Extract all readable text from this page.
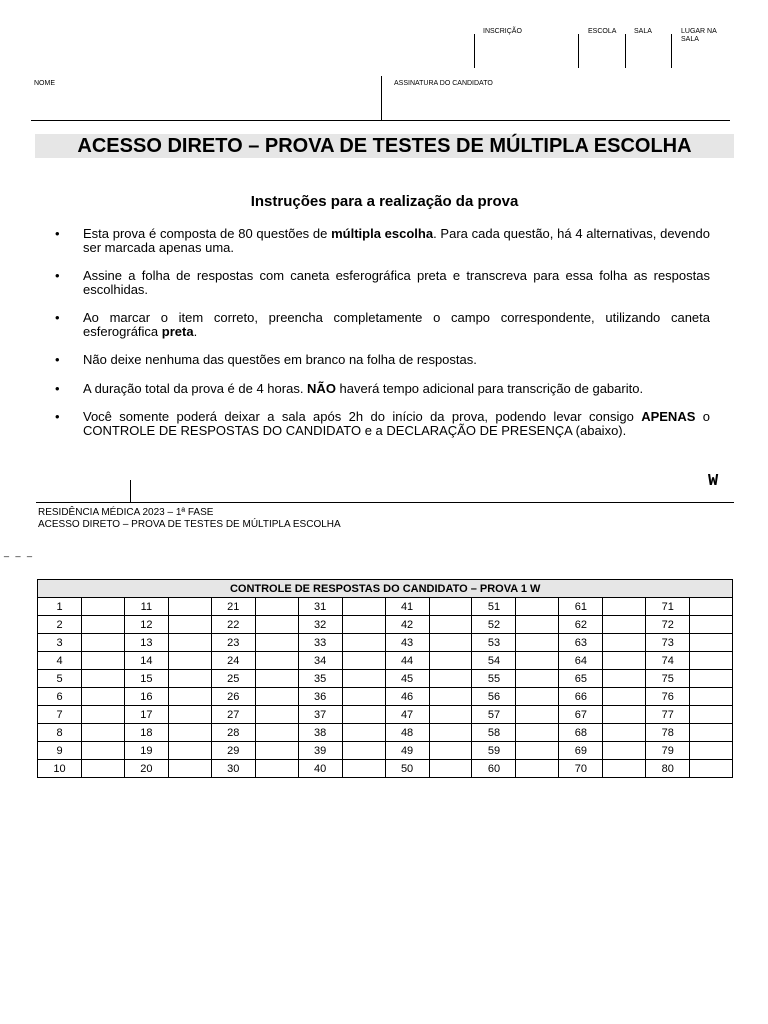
INSCRIÇÃO	ESCOLA	SALA	LUGAR NA SALA
NOME	ASSINATURA DO CANDIDATO
ACESSO DIRETO – PROVA DE TESTES DE MÚLTIPLA ESCOLHA
Instruções para a realização da prova
• Esta prova é composta de 80 questões de múltipla escolha. Para cada questão, há 4 alternativas, devendo ser marcada apenas uma.
• Assine a folha de respostas com caneta esferográfica preta e transcreva para essa folha as respostas escolhidas.
• Ao marcar o item correto, preencha completamente o campo correspondente, utilizando caneta esferográfica preta.
• Não deixe nenhuma das questões em branco na folha de respostas.
• A duração total da prova é de 4 horas. NÃO haverá tempo adicional para transcrição de gabarito.
• Você somente poderá deixar a sala após 2h do início da prova, podendo levar consigo APENAS o CONTROLE DE RESPOSTAS DO CANDIDATO e a DECLARAÇÃO DE PRESENÇA (abaixo).
W
RESIDÊNCIA MÉDICA 2023 – 1ª FASE
ACESSO DIRETO – PROVA DE TESTES DE MÚLTIPLA ESCOLHA
_ _ _
CONTROLE DE RESPOSTAS DO CANDIDATO – PROVA 1 W															
1		11		21		31		41		51		61		71	
2		12		22		32		42		52		62		72	
3		13		23		33		43		53		63		73	
4		14		24		34		44		54		64		74	
5		15		25		35		45		55		65		75	
6		16		26		36		46		56		66		76	
7		17		27		37		47		57		67		77	
8		18		28		38		48		58		68		78	
9		19		29		39		49		59		69		79	
10		20		30		40		50		60		70		80	
